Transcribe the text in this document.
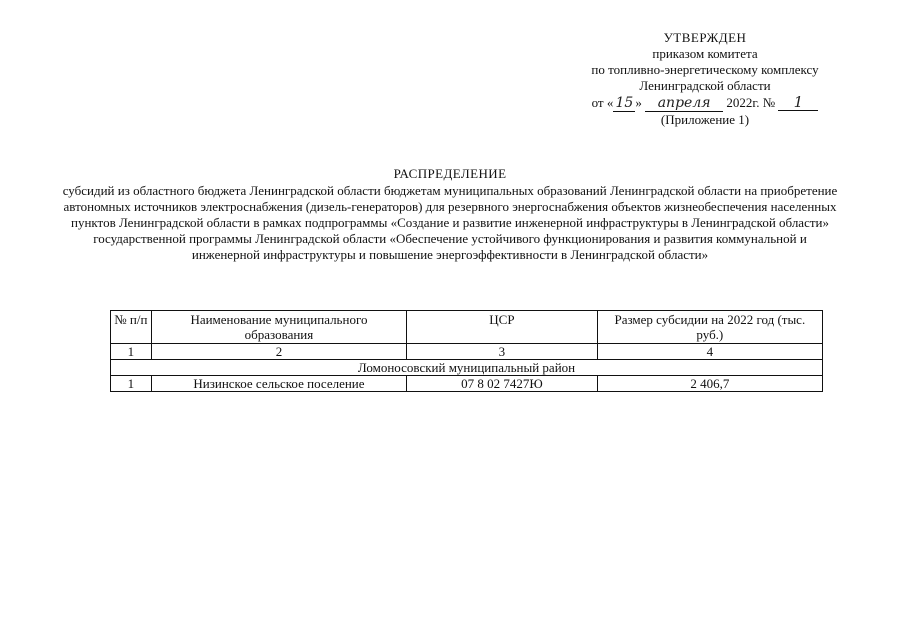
УТВЕРЖДЕН
приказом комитета
по топливно-энергетическому комплексу
Ленинградской области
от « 15 » апреля 2022г. № 1
(Приложение 1)
РАСПРЕДЕЛЕНИЕ
субсидий из областного бюджета Ленинградской области бюджетам муниципальных образований Ленинградской области на приобретение автономных источников электроснабжения (дизель-генераторов) для резервного энергоснабжения объектов жизнеобеспечения населенных пунктов Ленинградской области в рамках подпрограммы «Создание и развитие инженерной инфраструктуры в Ленинградской области» государственной программы Ленинградской области «Обеспечение устойчивого функционирования и развития коммунальной и инженерной инфраструктуры и повышение энергоэффективности в Ленинградской области»
№ п/п	Наименование муниципального образования	ЦСР	Размер субсидии на 2022 год (тыс. руб.)
1	2	3	4
Ломоносовский муниципальный район			
1	Низинское сельское поселение	07 8 02 7427Ю	2 406,7
